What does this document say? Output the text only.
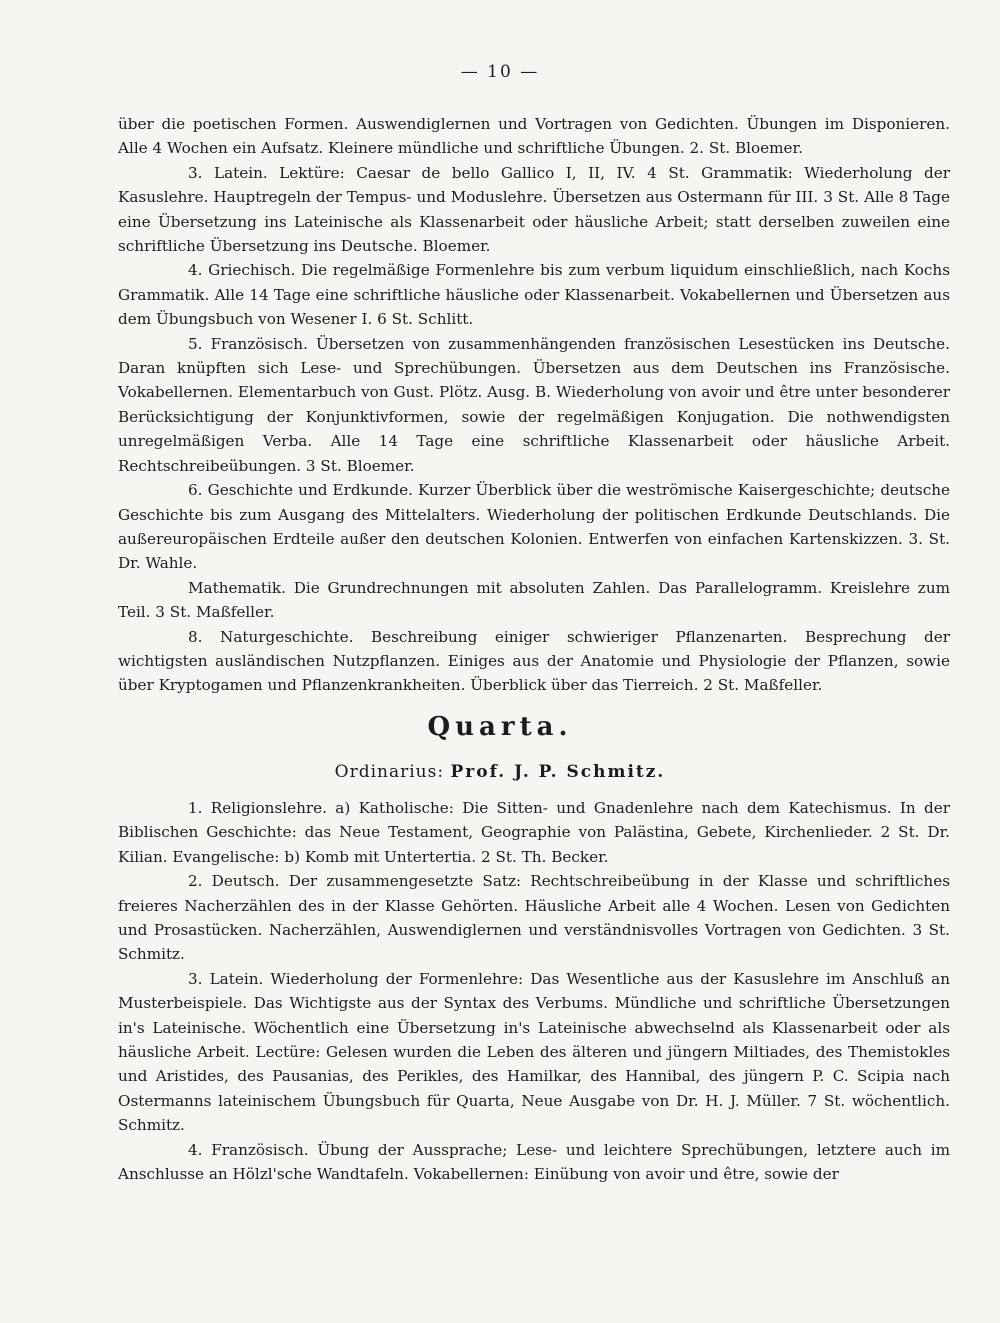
— 10 —

über die poetischen Formen. Auswendiglernen und Vortragen von Gedichten. Übungen im Disponieren. Alle 4 Wochen ein Aufsatz. Kleinere mündliche und schriftliche Übungen. 2. St. Bloemer.

3. Latein. Lektüre: Caesar de bello Gallico I, II, IV. 4 St. Grammatik: Wiederholung der Kasuslehre. Hauptregeln der Tempus- und Moduslehre. Übersetzen aus Ostermann für III. 3 St. Alle 8 Tage eine Übersetzung ins Lateinische als Klassenarbeit oder häusliche Arbeit; statt derselben zuweilen eine schriftliche Übersetzung ins Deutsche. Bloemer.

4. Griechisch. Die regelmäßige Formenlehre bis zum verbum liquidum einschließlich, nach Kochs Grammatik. Alle 14 Tage eine schriftliche häusliche oder Klassenarbeit. Vokabellernen und Übersetzen aus dem Übungsbuch von Wesener I. 6 St. Schlitt.

5. Französisch. Übersetzen von zusammenhängenden französischen Lesestücken ins Deutsche. Daran knüpften sich Lese- und Sprechübungen. Übersetzen aus dem Deutschen ins Französische. Vokabellernen. Elementarbuch von Gust. Plötz. Ausg. B. Wiederholung von avoir und être unter besonderer Berücksichtigung der Konjunktivformen, sowie der regelmäßigen Konjugation. Die nothwendigsten unregelmäßigen Verba. Alle 14 Tage eine schriftliche Klassenarbeit oder häusliche Arbeit. Rechtschreibeübungen. 3 St. Bloemer.

6. Geschichte und Erdkunde. Kurzer Überblick über die weströmische Kaisergeschichte; deutsche Geschichte bis zum Ausgang des Mittelalters. Wiederholung der politischen Erdkunde Deutschlands. Die außereuropäischen Erdteile außer den deutschen Kolonien. Entwerfen von einfachen Kartenskizzen. 3. St. Dr. Wahle.

Mathematik. Die Grundrechnungen mit absoluten Zahlen. Das Parallelogramm. Kreislehre zum Teil. 3 St. Maßfeller.

8. Naturgeschichte. Beschreibung einiger schwieriger Pflanzenarten. Besprechung der wichtigsten ausländischen Nutzpflanzen. Einiges aus der Anatomie und Physiologie der Pflanzen, sowie über Kryptogamen und Pflanzenkrankheiten. Überblick über das Tierreich. 2 St. Maßfeller.

Quarta.
Ordinarius: Prof. J. P. Schmitz.

1. Religionslehre. a) Katholische: Die Sitten- und Gnadenlehre nach dem Katechismus. In der Biblischen Geschichte: das Neue Testament, Geographie von Palästina, Gebete, Kirchenlieder. 2 St. Dr. Kilian. Evangelische: b) Komb mit Untertertia. 2 St. Th. Becker.

2. Deutsch. Der zusammengesetzte Satz: Rechtschreibeübung in der Klasse und schriftliches freieres Nacherzählen des in der Klasse Gehörten. Häusliche Arbeit alle 4 Wochen. Lesen von Gedichten und Prosastücken. Nacherzählen, Auswendiglernen und verständnisvolles Vortragen von Gedichten. 3 St. Schmitz.

3. Latein. Wiederholung der Formenlehre: Das Wesentliche aus der Kasuslehre im Anschluß an Musterbeispiele. Das Wichtigste aus der Syntax des Verbums. Mündliche und schriftliche Übersetzungen in's Lateinische. Wöchentlich eine Übersetzung in's Lateinische abwechselnd als Klassenarbeit oder als häusliche Arbeit. Lectüre: Gelesen wurden die Leben des älteren und jüngern Miltiades, des Themistokles und Aristides, des Pausanias, des Perikles, des Hamilkar, des Hannibal, des jüngern P. C. Scipia nach Ostermanns lateinischem Übungsbuch für Quarta, Neue Ausgabe von Dr. H. J. Müller. 7 St. wöchentlich. Schmitz.

4. Französisch. Übung der Aussprache; Lese- und leichtere Sprechübungen, letztere auch im Anschlusse an Hölzl'sche Wandtafeln. Vokabellernen: Einübung von avoir und être, sowie der
